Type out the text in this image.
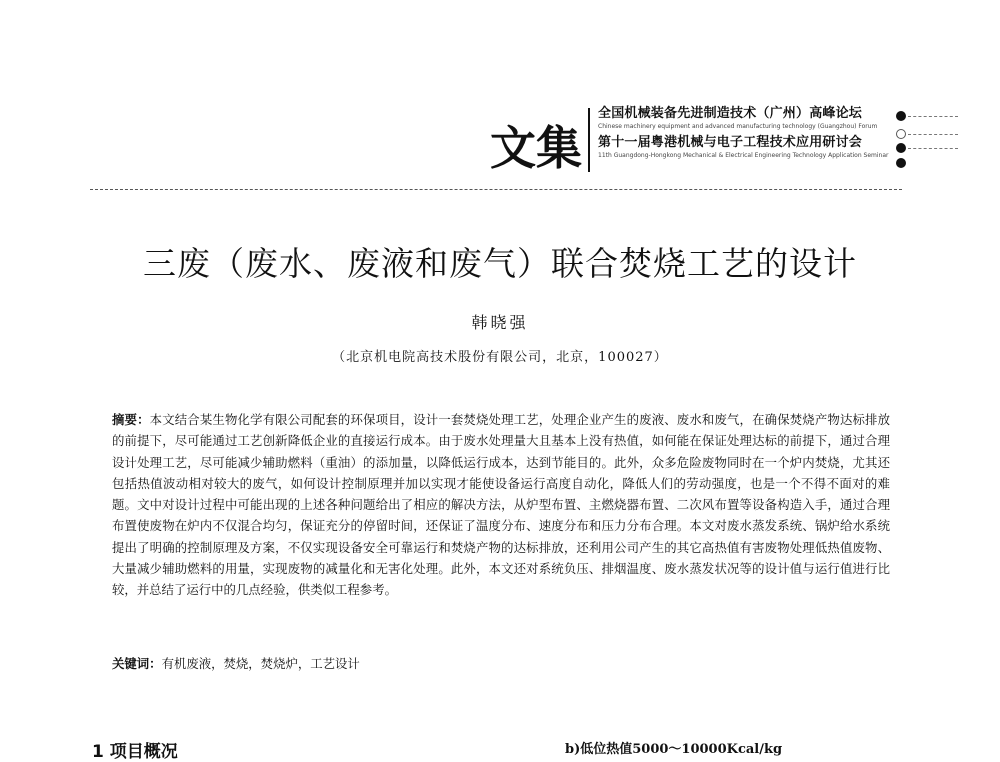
文集
全国机械装备先进制造技术（广州）高峰论坛
Chinese machinery equipment and advanced manufacturing technology (Guangzhou) Forum
第十一届粤港机械与电子工程技术应用研讨会
11th Guangdong-Hongkong Mechanical & Electrical Engineering Technology Application Seminar
三废（废水、废液和废气）联合焚烧工艺的设计
韩晓强
（北京机电院高技术股份有限公司，北京，100027）
摘要：本文结合某生物化学有限公司配套的环保项目，设计一套焚烧处理工艺，处理企业产生的废液、废水和废气，在确保焚烧产物达标排放的前提下，尽可能通过工艺创新降低企业的直接运行成本。由于废水处理量大且基本上没有热值，如何能在保证处理达标的前提下，通过合理设计处理工艺，尽可能减少辅助燃料（重油）的添加量，以降低运行成本，达到节能目的。此外，众多危险废物同时在一个炉内焚烧，尤其还包括热值波动相对较大的废气，如何设计控制原理并加以实现才能使设备运行高度自动化，降低人们的劳动强度，也是一个不得不面对的难题。文中对设计过程中可能出现的上述各种问题给出了相应的解决方法，从炉型布置、主燃烧器布置、二次风布置等设备构造入手，通过合理布置使废物在炉内不仅混合均匀，保证充分的停留时间，还保证了温度分布、速度分布和压力分布合理。本文对废水蒸发系统、锅炉给水系统提出了明确的控制原理及方案，不仅实现设备安全可靠运行和焚烧产物的达标排放，还利用公司产生的其它高热值有害废物处理低热值废物、大量减少辅助燃料的用量，实现废物的减量化和无害化处理。此外，本文还对系统负压、排烟温度、废水蒸发状况等的设计值与运行值进行比较，并总结了运行中的几点经验，供类似工程参考。
关键词：有机废液，焚烧，焚烧炉，工艺设计
1 项目概况	b)低位热值5000～10000Kcal/kg
